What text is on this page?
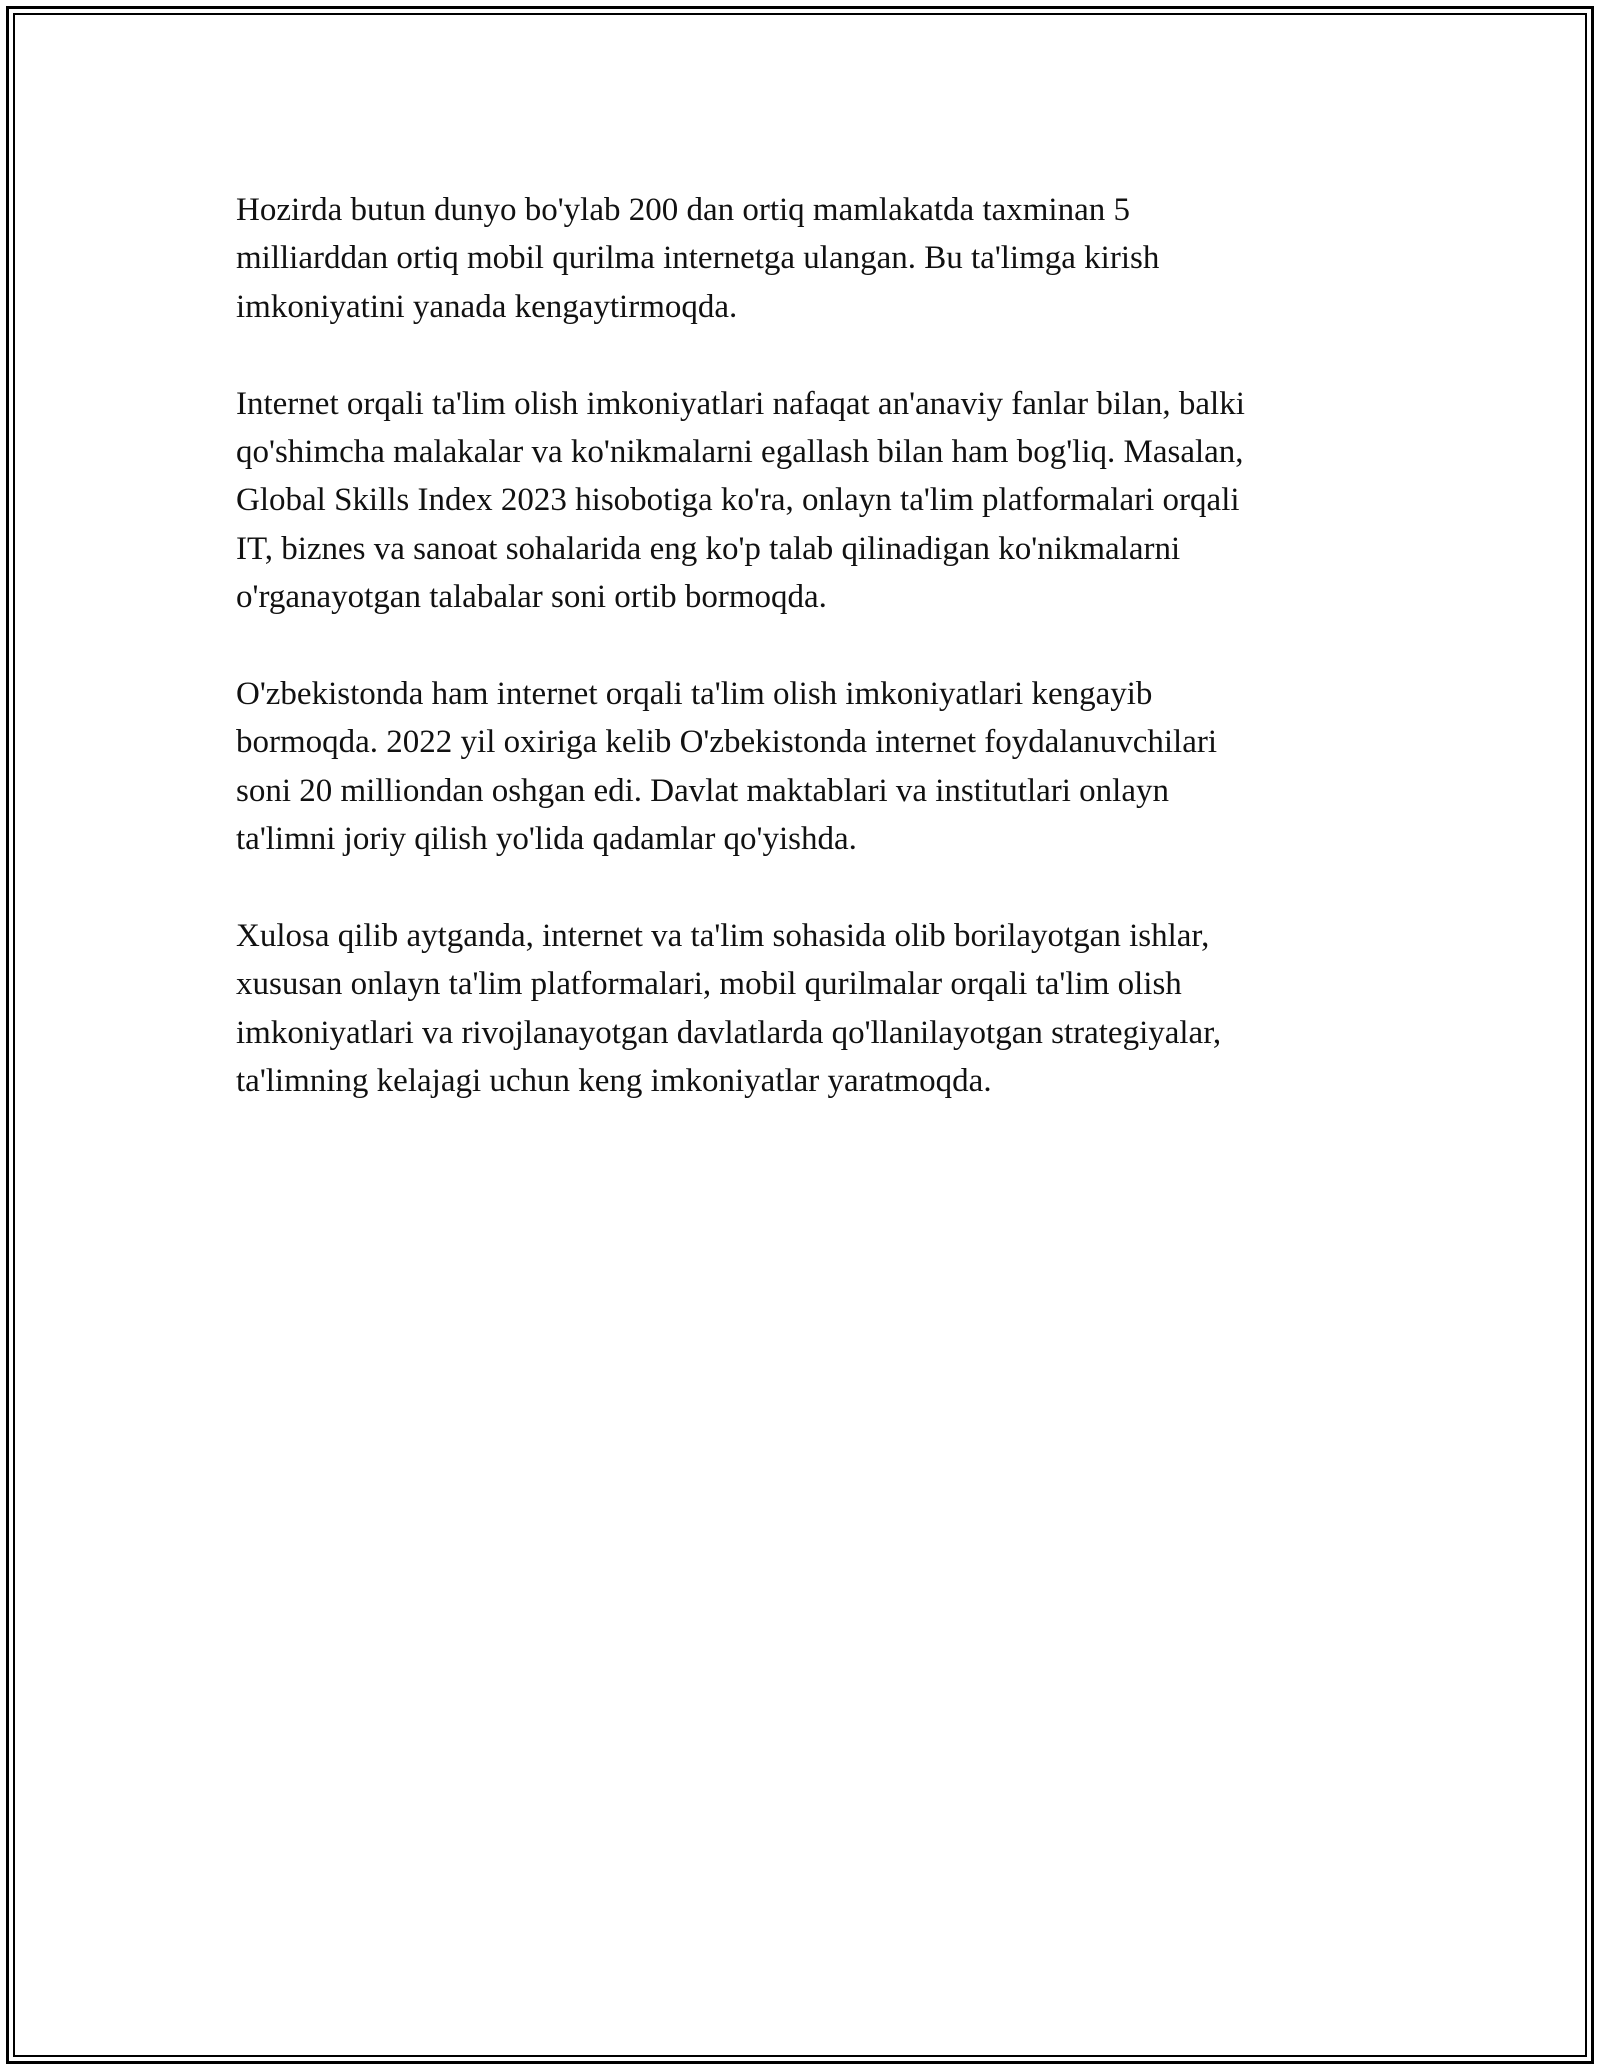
Hozirda butun dunyo bo'ylab 200 dan ortiq mamlakatda taxminan 5
milliarddan ortiq mobil qurilma internetga ulangan. Bu ta'limga kirish
imkoniyatini yanada kengaytirmoqda.

Internet orqali ta'lim olish imkoniyatlari nafaqat an'anaviy fanlar bilan, balki
qo'shimcha malakalar va ko'nikmalarni egallash bilan ham bog'liq. Masalan,
Global Skills Index 2023 hisobotiga ko'ra, onlayn ta'lim platformalari orqali
IT, biznes va sanoat sohalarida eng ko'p talab qilinadigan ko'nikmalarni
o'rganayotgan talabalar soni ortib bormoqda.

O'zbekistonda ham internet orqali ta'lim olish imkoniyatlari kengayib
bormoqda. 2022 yil oxiriga kelib O'zbekistonda internet foydalanuvchilari
soni 20 milliondan oshgan edi. Davlat maktablari va institutlari onlayn
ta'limni joriy qilish yo'lida qadamlar qo'yishda.

Xulosa qilib aytganda, internet va ta'lim sohasida olib borilayotgan ishlar,
xususan onlayn ta'lim platformalari, mobil qurilmalar orqali ta'lim olish
imkoniyatlari va rivojlanayotgan davlatlarda qo'llanilayotgan strategiyalar,
ta'limning kelajagi uchun keng imkoniyatlar yaratmoqda.
